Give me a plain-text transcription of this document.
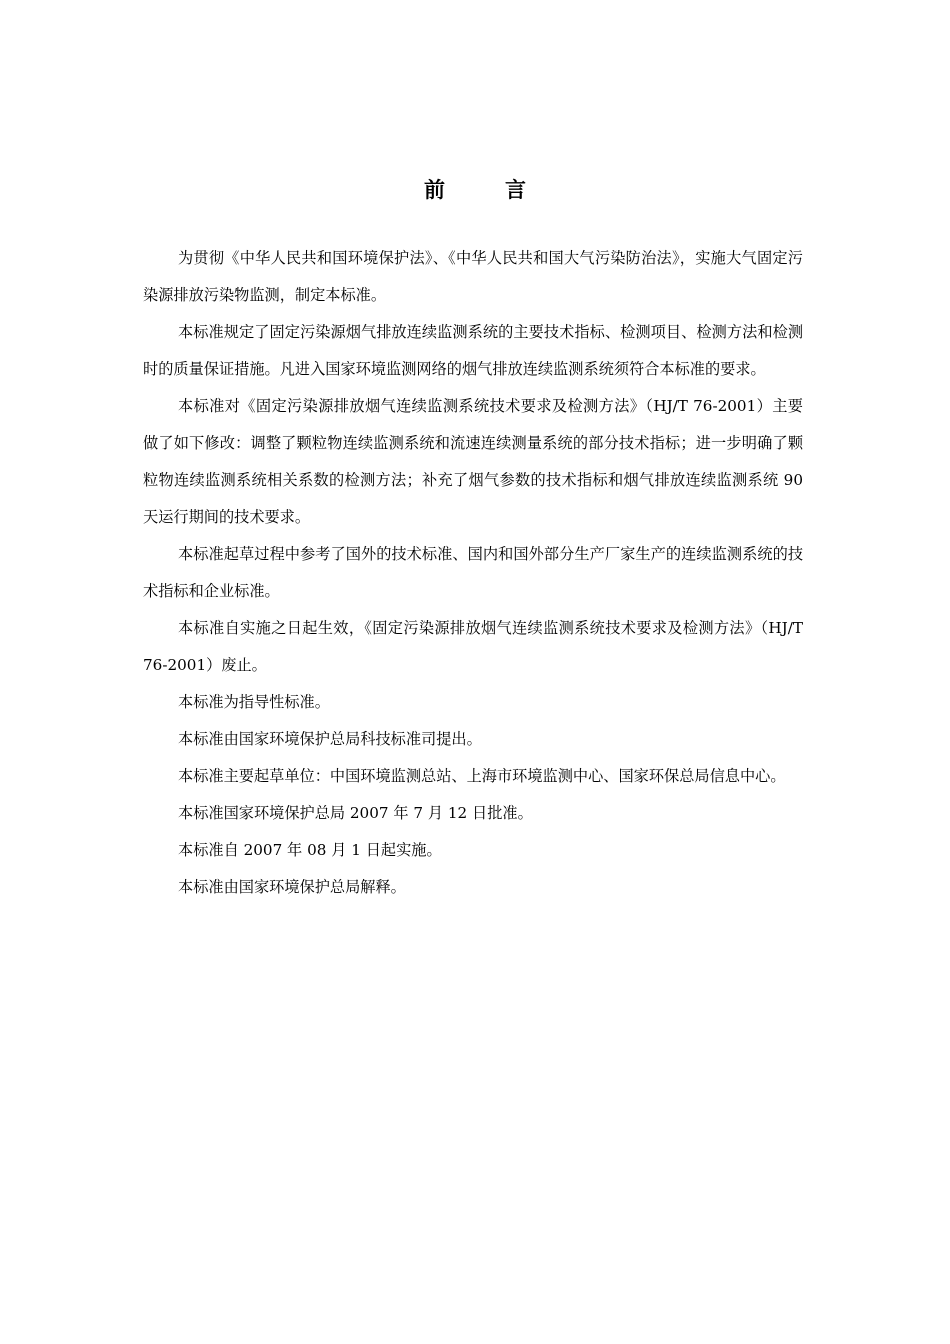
前言

为贯彻《中华人民共和国环境保护法》、《中华人民共和国大气污染防治法》，实施大气固定污染源排放污染物监测，制定本标准。

本标准规定了固定污染源烟气排放连续监测系统的主要技术指标、检测项目、检测方法和检测时的质量保证措施。凡进入国家环境监测网络的烟气排放连续监测系统须符合本标准的要求。

本标准对《固定污染源排放烟气连续监测系统技术要求及检测方法》（HJ/T 76-2001）主要做了如下修改：调整了颗粒物连续监测系统和流速连续测量系统的部分技术指标；进一步明确了颗粒物连续监测系统相关系数的检测方法；补充了烟气参数的技术指标和烟气排放连续监测系统 90天运行期间的技术要求。

本标准起草过程中参考了国外的技术标准、国内和国外部分生产厂家生产的连续监测系统的技术指标和企业标准。

本标准自实施之日起生效，《固定污染源排放烟气连续监测系统技术要求及检测方法》（HJ/T 76-2001）废止。

本标准为指导性标准。

本标准由国家环境保护总局科技标准司提出。

本标准主要起草单位：中国环境监测总站、上海市环境监测中心、国家环保总局信息中心。

本标准国家环境保护总局 2007 年 7 月 12 日批准。

本标准自 2007 年 08 月 1 日起实施。

本标准由国家环境保护总局解释。
